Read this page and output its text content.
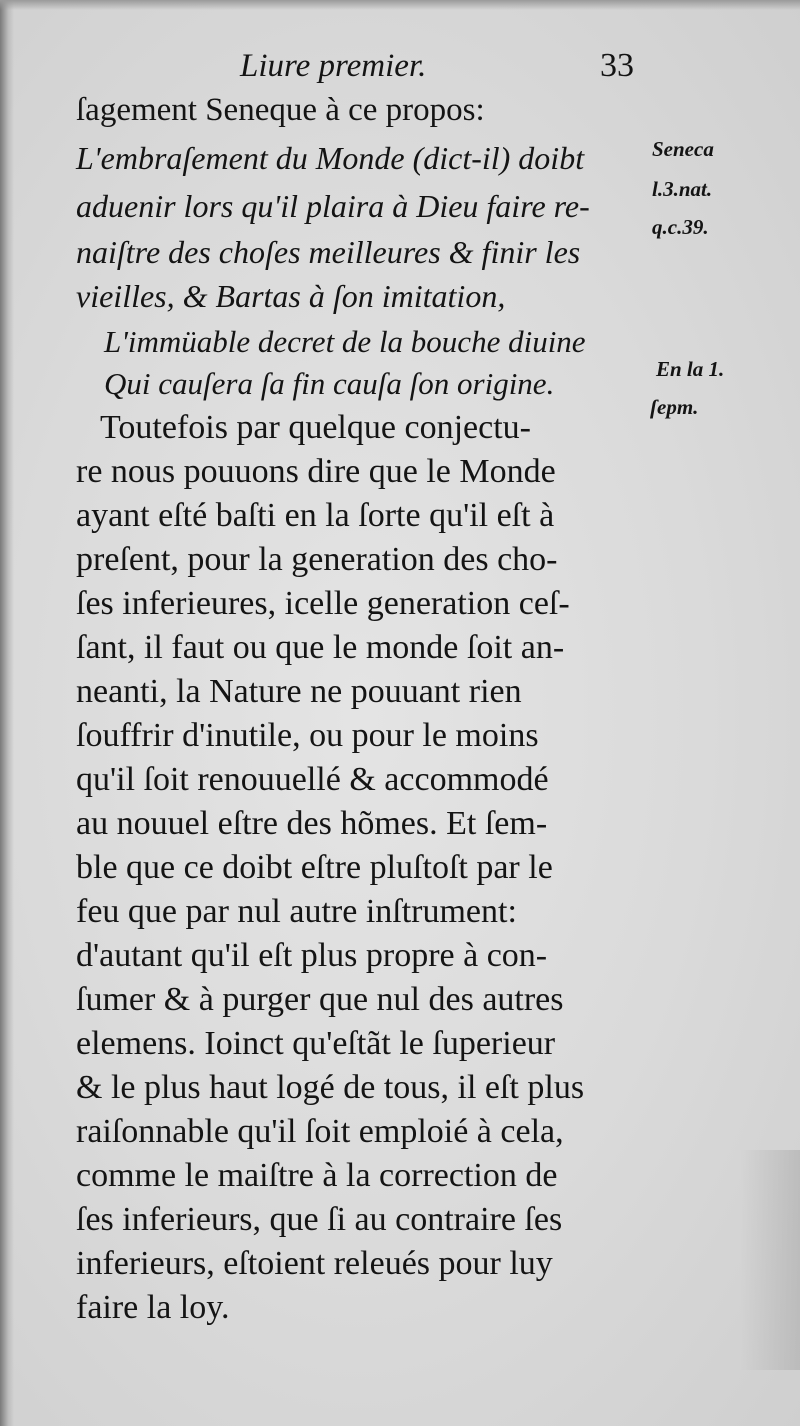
Liure premier.	33
ſagement Seneque à ce propos:
L'embraſement du Monde (dict-il) doibt
aduenir lors qu'il plaira à Dieu faire re-
naiſtre des choſes meilleures & finir les
vieilles, & Bartas à ſon imitation,
L'immüable decret de la bouche diuine
Qui cauſera ſa fin cauſa ſon origine.
Toutefois par quelque conjectu-
re nous pouuons dire que le Monde
ayant eſté baſti en la ſorte qu'il eſt à
preſent, pour la generation des cho-
ſes inferieures, icelle generation ceſ-
ſant, il faut ou que le monde ſoit an-
neanti, la Nature ne pouuant rien
ſouffrir d'inutile, ou pour le moins
qu'il ſoit renouuellé & accommodé
au nouuel eſtre des hõmes. Et ſem-
ble que ce doibt eſtre pluſtoſt par le
feu que par nul autre inſtrument:
d'autant qu'il eſt plus propre à con-
ſumer & à purger que nul des autres
elemens. Ioinct qu'eſtãt le ſuperieur
& le plus haut logé de tous, il eſt plus
raiſonnable qu'il ſoit emploié à cela,
comme le maiſtre à la correction de
ſes inferieurs, que ſi au contraire ſes
inferieurs, eſtoient releués pour luy
faire la loy.
Seneca
l.3.nat.
q.c.39.
En la 1.
ſepm.
